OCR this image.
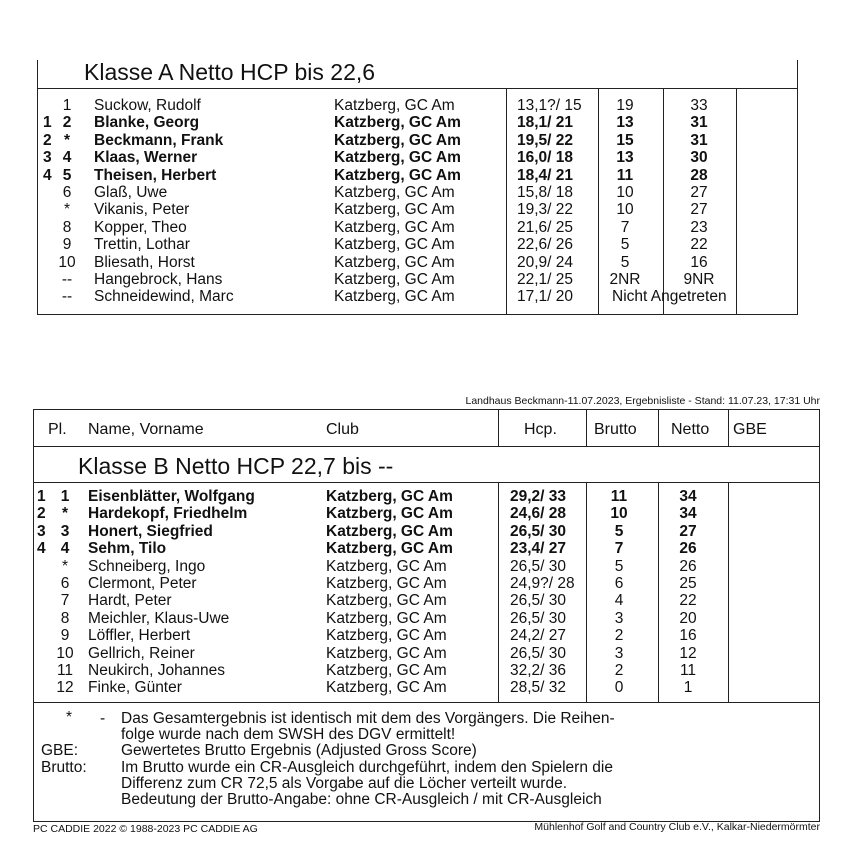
Klasse A Netto HCP bis 22,6
1	Suckow, Rudolf	Katzberg, GC Am	13,1?/ 15	19	33
1 2	Blanke, Georg	Katzberg, GC Am	18,1/ 21	13	31
2 *	Beckmann, Frank	Katzberg, GC Am	19,5/ 22	15	31
3 4	Klaas, Werner	Katzberg, GC Am	16,0/ 18	13	30
4 5	Theisen, Herbert	Katzberg, GC Am	18,4/ 21	11	28
6	Glaß, Uwe	Katzberg, GC Am	15,8/ 18	10	27
*	Vikanis, Peter	Katzberg, GC Am	19,3/ 22	10	27
8	Kopper, Theo	Katzberg, GC Am	21,6/ 25	7	23
9	Trettin, Lothar	Katzberg, GC Am	22,6/ 26	5	22
10 Bliesath, Horst	Katzberg, GC Am	20,9/ 24	5	16
--	Hangebrock, Hans	Katzberg, GC Am	22,1/ 25	2NR	9NR
--	Schneidewind, Marc	Katzberg, GC Am	17,1/ 20	Nicht Angetreten
Landhaus Beckmann-11.07.2023, Ergebnisliste - Stand: 11.07.23, 17:31 Uhr
Pl. Name, Vorname	Club	Hcp. Brutto Netto GBE
Klasse B Netto HCP 22,7 bis --
1 1	Eisenblätter, Wolfgang	Katzberg, GC Am	29,2/ 33	11	34
2	*	Hardekopf, Friedhelm	Katzberg, GC Am	24,6/ 28	10	34
3 3	Honert, Siegfried	Katzberg, GC Am	26,5/ 30	5	27
4 4	Sehm, Tilo	Katzberg, GC Am	23,4/ 27	7	26
*	Schneiberg, Ingo	Katzberg, GC Am	26,5/ 30	5	26
6	Clermont, Peter	Katzberg, GC Am	24,9?/ 28	6	25
7	Hardt, Peter	Katzberg, GC Am	26,5/ 30	4	22
8	Meichler, Klaus-Uwe	Katzberg, GC Am	26,5/ 30	3	20
9	Löffler, Herbert	Katzberg, GC Am	24,2/ 27	2	16
10 Gellrich, Reiner	Katzberg, GC Am	26,5/ 30	3	12
11 Neukirch, Johannes	Katzberg, GC Am	32,2/ 36	2	11
12 Finke, Günter	Katzberg, GC Am	28,5/ 32	0	1
* - Das Gesamtergebnis ist identisch mit dem des Vorgängers. Die Reihen-
folge wurde nach dem SWSH des DGV ermittelt!
GBE:	Gewertetes Brutto Ergebnis (Adjusted Gross Score)
Brutto: Im Brutto wurde ein CR-Ausgleich durchgeführt, indem den Spielern die
Differenz zum CR 72,5 als Vorgabe auf die Löcher verteilt wurde.
Bedeutung der Brutto-Angabe: ohne CR-Ausgleich / mit CR-Ausgleich
PC CADDIE 2022 © 1988-2023 PC CADDIE AG	Mühlenhof Golf and Country Club e.V., Kalkar-Niedermörmter
